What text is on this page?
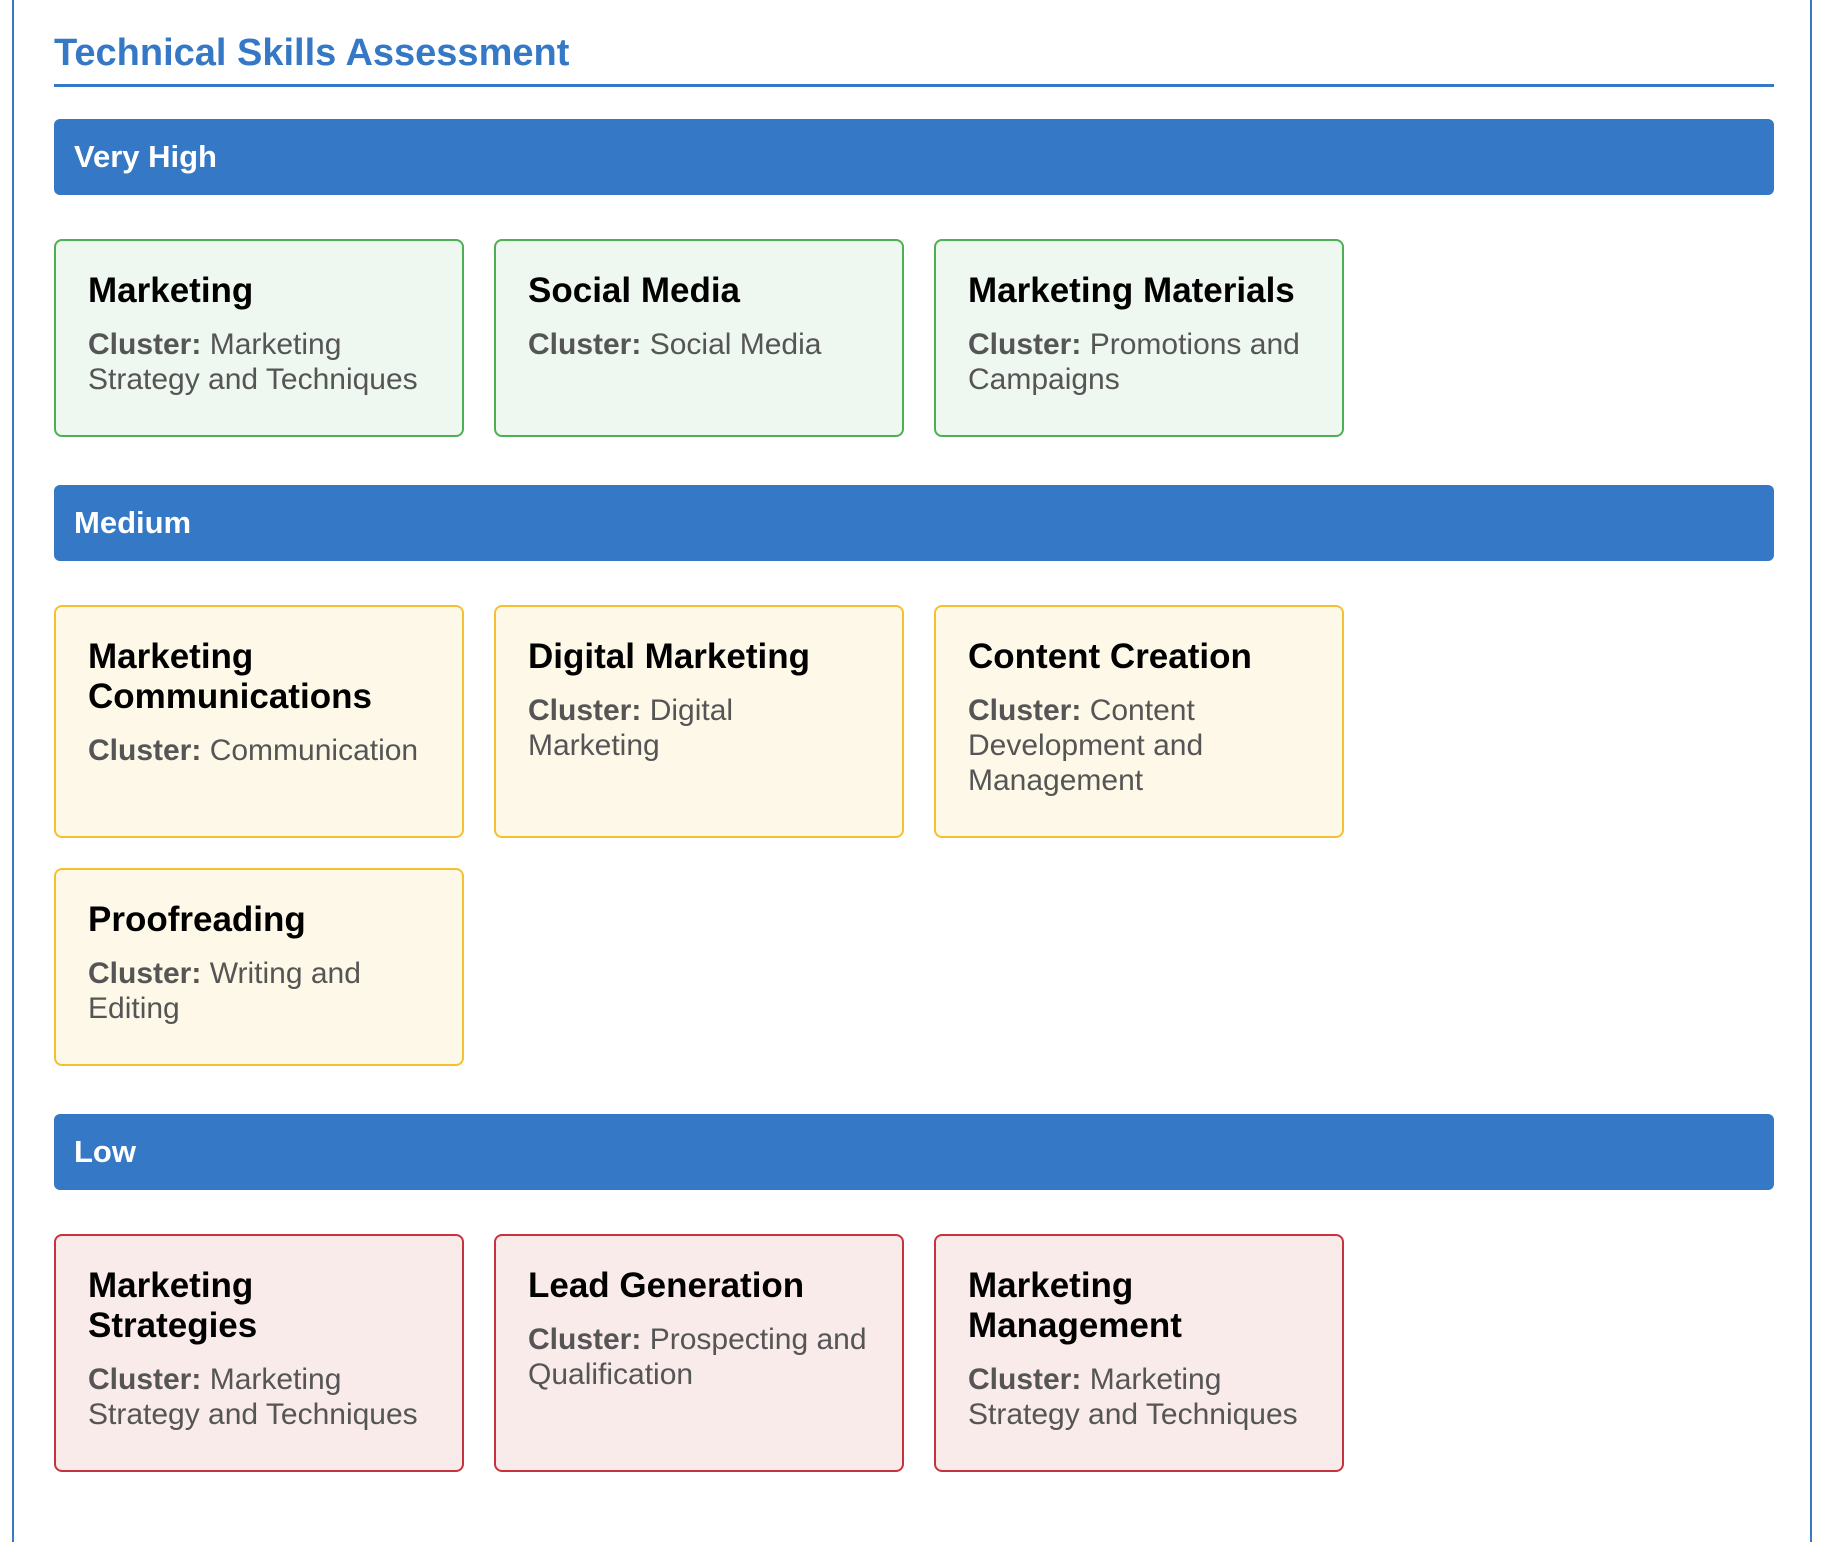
Technical Skills Assessment
Very High
Marketing
Cluster: Marketing Strategy and Techniques
Social Media
Cluster: Social Media
Marketing Materials
Cluster: Promotions and Campaigns
Medium
Marketing Communications
Cluster: Communication
Digital Marketing
Cluster: Digital Marketing
Content Creation
Cluster: Content Development and Management
Proofreading
Cluster: Writing and Editing
Low
Marketing Strategies
Cluster: Marketing Strategy and Techniques
Lead Generation
Cluster: Prospecting and Qualification
Marketing Management
Cluster: Marketing Strategy and Techniques
